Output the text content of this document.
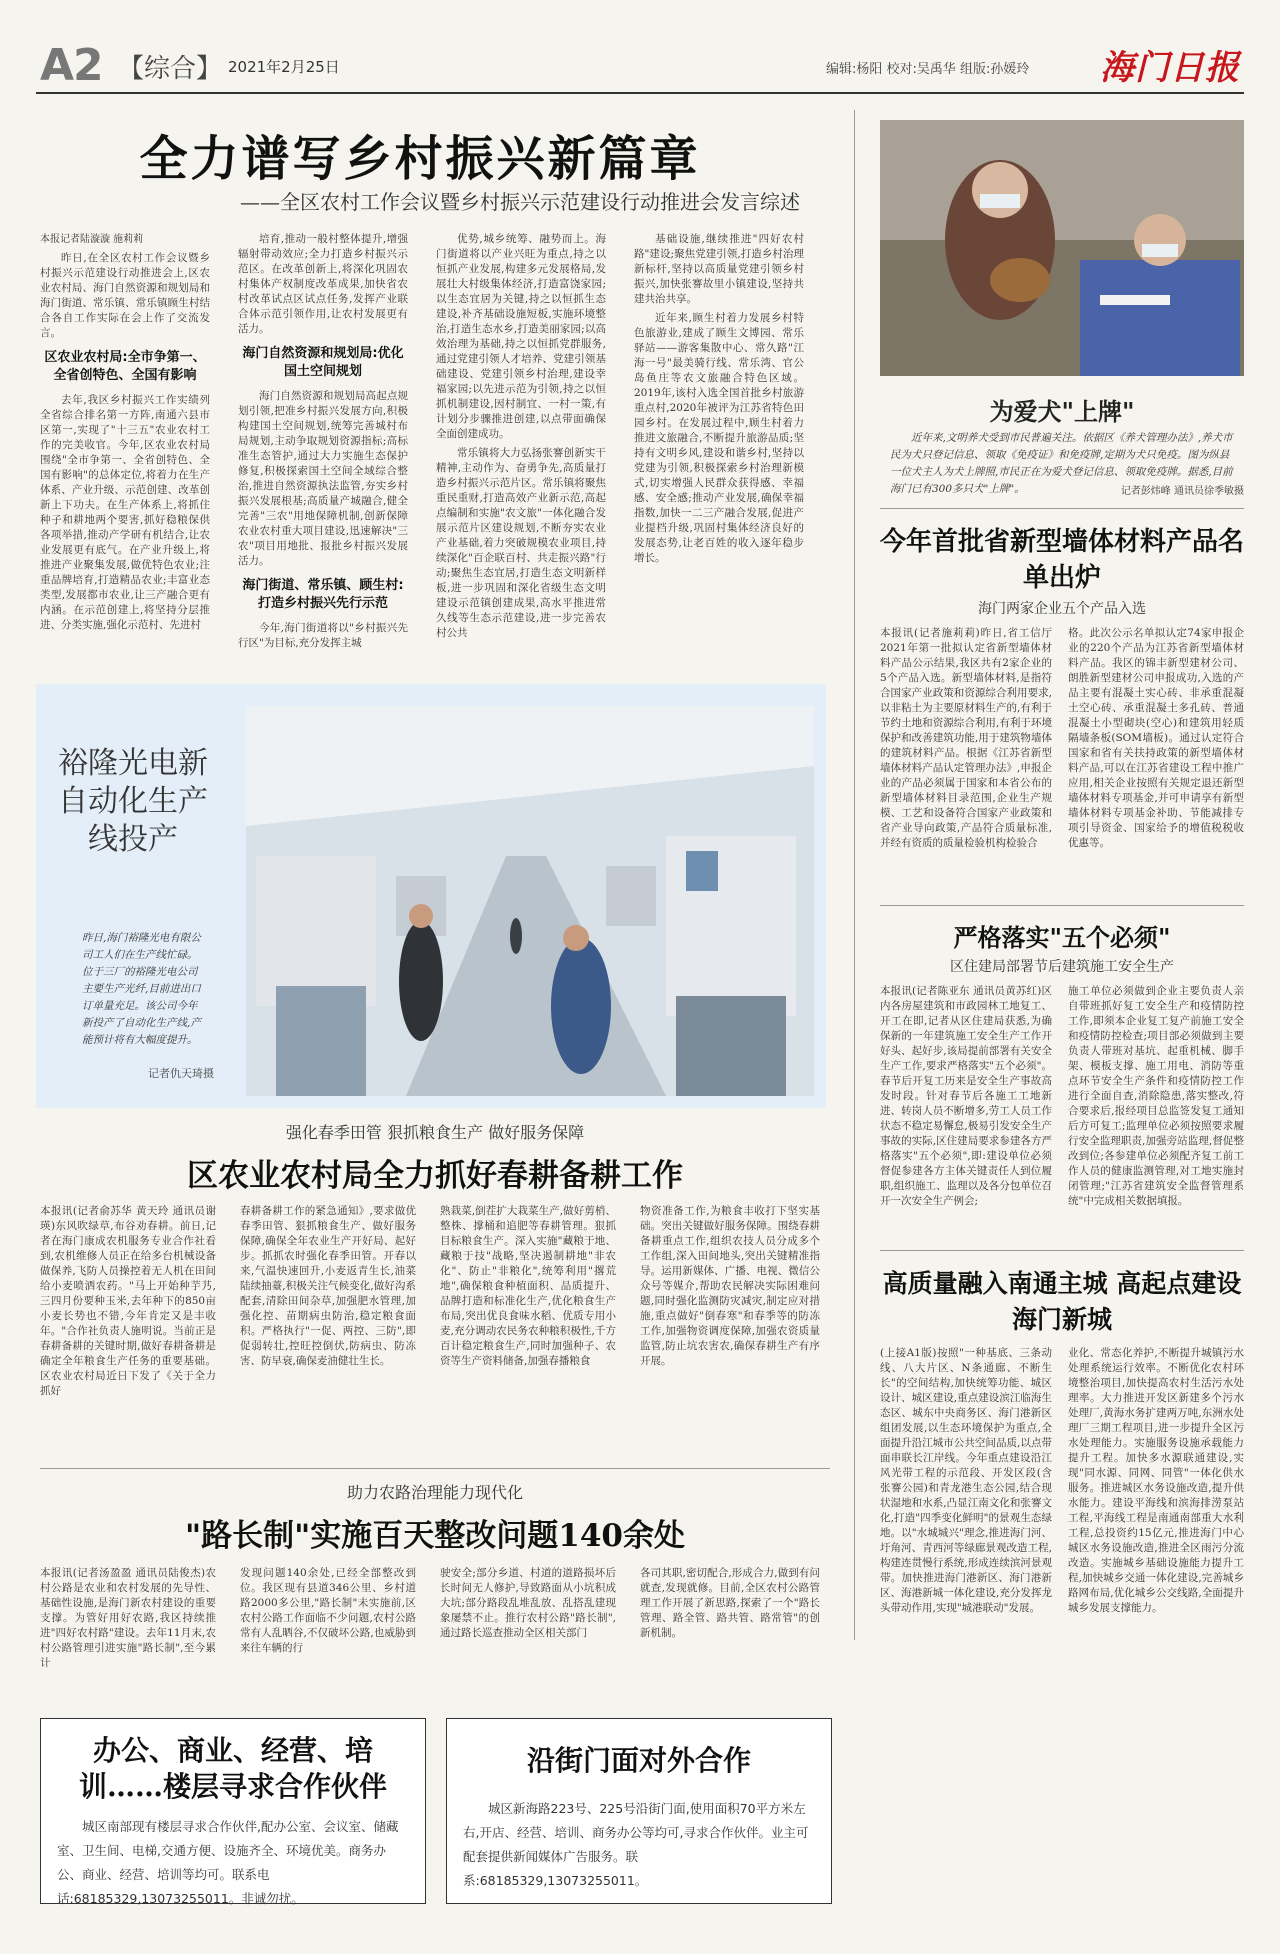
A2 【综合】 2021年2月25日	编辑:杨阳 校对:吴禹华 组版:孙媛玲 海门日报
全力谱写乡村振兴新篇章
——全区农村工作会议暨乡村振兴示范建设行动推进会发言综述

本报记者陆漩漩 施莉莉

昨日,在全区农村工作会议暨乡村振兴示范建设行动推进会上,区农业农村局、海门自然资源和规划局和海门街道、常乐镇、常乐镇顾生村结合各自工作实际在会上作了交流发言。

区农业农村局:全市争第一、全省创特色、全国有影响

去年,我区乡村振兴工作实绩列全省综合排名第一方阵,南通六县市区第一,实现了"十三五"农业农村工作的完美收官。今年,区农业农村局围绕"全市争第一、全省创特色、全国有影响"的总体定位,将着力在生产体系、产业升级、示范创建、改革创新上下功夫。在生产体系上,将抓住种子和耕地两个要害,抓好稳粮保供各项举措,推动产学研有机结合,让农业发展更有底气。在产业升级上,将推进产业聚集发展,做优特色农业;注重品牌培育,打造精品农业;丰富业态类型,发展都市农业,让三产融合更有内涵。在示范创建上,将坚持分层推进、分类实施,强化示范村、先进村

培育,推动一般村整体提升,增强辐射带动效应;全力打造乡村振兴示范区。在改革创新上,将深化巩固农村集体产权制度改革成果,加快省农村改革试点区试点任务,发挥产业联合体示范引领作用,让农村发展更有活力。

海门自然资源和规划局:优化国土空间规划

海门自然资源和规划局高起点规划引领,把准乡村振兴发展方向,积极构建国土空间规划,统筹完善城村布局规划,主动争取规划资源指标;高标准生态管护,通过大力实施生态保护修复,积极探索国土空间全域综合整治,推进自然资源执法监管,夯实乡村振兴发展根基;高质量产城融合,健全完善"三农"用地保障机制,创新保障农业农村重大项目建设,迅速解决"三农"项目用地批、报批乡村振兴发展活力。

海门街道、常乐镇、顾生村:打造乡村振兴先行示范

今年,海门街道将以"乡村振兴先行区"为目标,充分发挥主城

优势,城乡统筹、融势而上。海门街道将以产业兴旺为重点,持之以恒抓产业发展,构建多元发展格局,发展壮大村级集体经济,打造富饶家园;以生态宜居为关键,持之以恒抓生态建设,补齐基础设施短板,实施环境整治,打造生态水乡,打造美丽家园;以高效治理为基础,持之以恒抓党群服务,通过党建引领人才培养、党建引领基础建设、党建引领乡村治理,建设幸福家园;以先进示范为引领,持之以恒抓机制建设,因村制宜、一村一策,有计划分步骤推进创建,以点带面确保全面创建成功。

常乐镇将大力弘扬张謇创新实干精神,主动作为、奋勇争先,高质量打造乡村振兴示范片区。常乐镇将聚焦重民重财,打造高效产业新示范,高起点编制和实施"农文旅"一体化融合发展示范片区建设规划,不断夯实农业产业基础,着力突破规模农业项目,持续深化"百企联百村、共走振兴路"行动;聚焦生态宜居,打造生态文明新样板,进一步巩固和深化省级生态文明建设示范镇创建成果,高水平推进常久线等生态示范建设,进一步完善农村公共

基础设施,继续推进"四好农村路"建设;聚焦党建引领,打造乡村治理新标杆,坚持以高质量党建引领乡村振兴,加快张謇故里小镇建设,坚持共建共治共享。

近年来,顾生村着力发展乡村特色旅游业,建成了顾生文博园、常乐驿站——游客集散中心、常久路"江海一号"最美骑行线、常乐湾、官公岛鱼庄等农文旅融合特色区域。2019年,该村入选全国首批乡村旅游重点村,2020年被评为江苏省特色田园乡村。在发展过程中,顾生村着力推进文旅融合,不断提升旅游品质;坚持有文明乡风,建设和谐乡村,坚持以党建为引领,积极探索乡村治理新模式,切实增强人民群众获得感、幸福感、安全感;推动产业发展,确保幸福指数,加快一二三产融合发展,促进产业提档升级,巩固村集体经济良好的发展态势,让老百姓的收入逐年稳步增长。

为爱犬"上牌"
近年来,文明养犬受到市民普遍关注。依据区《养犬管理办法》,养犬市民为犬只登记信息、领取《免疫证》和免疫牌,定期为犬只免疫。图为纵县一位犬主人为犬上牌照,市民正在为爱犬登记信息、领取免疫牌。据悉,目前海门已有300多只犬"上牌"。	记者彭炜峰 通讯员徐季敏摄
今年首批省新型墙体材料产品名单出炉
海门两家企业五个产品入选
本报讯(记者施莉莉)昨日,省工信厅2021年第一批拟认定省新型墙体材料产品公示结果,我区共有2家企业的5个产品入选。新型墙体材料,是指符合国家产业政策和资源综合利用要求,以非粘土为主要原材料生产的,有利于节约土地和资源综合利用,有利于环境保护和改善建筑功能,用于建筑物墙体的建筑材料产品。根据《江苏省新型墙体材料产品认定管理办法》,申报企业的产品必须属于国家和本省公布的新型墙体材料目录范围,企业生产规模、工艺和设备符合国家产业政策和省产业导向政策,产品符合质量标准,并经有资质的质量检验机构检验合
格。此次公示名单拟认定74家申报企业的220个产品为江苏省新型墙体材料产品。我区的锦丰新型建材公司、朗胜新型建材公司申报成功,入选的产品主要有混凝土实心砖、非承重混凝土空心砖、承重混凝土多孔砖、普通混凝土小型砌块(空心)和建筑用轻质隔墙条板(SOM墙板)。通过认定符合国家和省有关扶持政策的新型墙体材料产品,可以在江苏省建设工程中推广应用,相关企业按照有关规定退还新型墙体材料专项基金,并可申请享有新型墙体材料专项基金补助、节能减排专项引导资金、国家给予的增值税税收优惠等。
严格落实"五个必须"
区住建局部署节后建筑施工安全生产
本报讯(记者陈亚东 通讯员黄苏红)区内各房屋建筑和市政园林工地复工、开工在即,记者从区住建局获悉,为确保新的一年建筑施工安全生产工作开好头、起好步,该局提前部署有关安全生产工作,要求严格落实"五个必须"。春节后开复工历来是安全生产事故高发时段。针对春节后各施工工地新进、转岗人员不断增多,劳工人员工作状态不稳定易懈怠,极易引发安全生产事故的实际,区住建局要求参建各方严格落实"五个必须",即:建设单位必须督促参建各方主体关键责任人到位履职,组织施工、监理以及各分包单位召开一次安全生产例会;
施工单位必须做到企业主要负责人亲自带班抓好复工安全生产和疫情防控工作,即须本企业复工复产前施工安全和疫情防控检查;项目部必须做到主要负责人带班对基坑、起重机械、脚手架、模板支撑、施工用电、消防等重点环节安全生产条件和疫情防控工作进行全面自查,消除隐患,落实整改,符合要求后,报经项目总监签发复工通知后方可复工;监理单位必须按照要求履行安全监理职责,加强旁站监理,督促整改到位;各参建单位必须配齐复工前工作人员的健康监测管理,对工地实施封闭管理;"江苏省建筑安全监督管理系统"中完成相关数据填报。
高质量融入南通主城 高起点建设海门新城
(上接A1版)按照"一种基底、三条动线、八大片区、N条通廊、不断生长"的空间结构,加快统筹功能、城区设计、城区建设,重点建设滨江临海生态区、城东中央商务区、海门港新区组团发展,以生态环境保护为重点,全面提升沿江城市公共空间品质,以点带面串联长江岸线。今年重点建设沿江风光带工程的示范段、开发区段(含张謇公园)和青龙港生态公园,结合现状湿地和水系,凸显江南文化和张謇文化,打造"四季变化鲜明"的景观生态绿地。以"水城城兴"理念,推进海门河、圩角河、青西河等绿廊景观改造工程,构建连贯慢行系统,形成连续滨河景观带。加快推进海门港新区、海门港新区、海港新城一体化建设,充分发挥龙头带动作用,实现"城港联动"发展。
业化、常态化养护,不断提升城镇污水处理系统运行效率。不断优化农村环境整治项目,加快提高农村生活污水处理率。大力推进开发区新建多个污水处理厂,黄海水务扩建两万吨,东洲水处理厂三期工程项目,进一步提升全区污水处理能力。实施服务设施承载能力提升工程。加快多水源联通建设,实现"同水源、同网、同管"一体化供水服务。推进城区水务设施改造,提升供水能力。建设平海线和滨海排涝泵站工程,平海线工程是南通南部重大水利工程,总投资约15亿元,推进海门中心城区水务设施改造,推进全区雨污分流改造。实施城乡基础设施能力提升工程,加快城乡交通一体化建设,完善城乡路网布局,优化城乡公交线路,全面提升城乡发展支撑能力。
裕隆光电新自动化生产线投产
昨日,海门裕隆光电有限公司工人们在生产线忙碌。位于三厂的裕隆光电公司主要生产光纤,目前进出口订单量充足。该公司今年新投产了自动化生产线,产能预计将有大幅度提升。
记者仇天琦摄
强化春季田管 狠抓粮食生产 做好服务保障
区农业农村局全力抓好春耕备耕工作
本报讯(记者俞苏华 黄天玲 通讯员谢瑛)东风吹绿草,布谷劝春耕。前日,记者在海门康成农机服务专业合作社看到,农机维修人员正在给多台机械设备做保养,飞防人员操控着无人机在田间给小麦喷洒农药。"马上开始种芋艿,三四月份要种玉米,去年种下的850亩小麦长势也不错,今年肯定又是丰收年。"合作社负责人施明说。当前正是春耕备耕的关键时期,做好春耕备耕是确定全年粮食生产任务的重要基础。区农业农村局近日下发了《关于全力抓好
春耕备耕工作的紧急通知》,要求做优春季田管、狠抓粮食生产、做好服务保障,确保全年农业生产开好局、起好步。抓抓农时强化春季田管。开春以来,气温快速回升,小麦返青生长,油菜陆续抽薹,积极关注气候变化,做好沟系配套,清除田间杂草,加强肥水管理,加强化控、苗期病虫防治,稳定粮食面积。严格执行"一促、两控、三防",即促弱转壮,控旺控倒伏,防病虫、防冻害、防早衰,确保麦油健壮生长。
熟栽菜,倒茬扩大栽菜生产,做好剪梢、整株、撑桶和追肥等春耕管理。狠抓目标粮食生产。深入实施"藏粮于地、藏粮于技"战略,坚决遏制耕地"非农化"、防止"非粮化",统筹利用"撂荒地",确保粮食种植面积、品质提升、品牌打造和标准化生产,优化粮食生产布局,突出优良食味水稻、优质专用小麦,充分调动农民务农种粮积极性,千方百计稳定粮食生产,同时加强种子、农资等生产资料储备,加强春播粮食
物资准备工作,为粮食丰收打下坚实基础。突出关键做好服务保障。围绕春耕备耕重点工作,组织农技人员分成多个工作组,深入田间地头,突出关键精准指导。运用新媒体、广播、电视、微信公众号等媒介,帮助农民解决实际困难问题,同时强化监测防灾减灾,制定应对措施,重点做好"倒春寒"和春季等的防冻工作,加强物资调度保障,加强农资质量监管,防止坑农害农,确保春耕生产有序开展。
助力农路治理能力现代化
"路长制"实施百天整改问题140余处
本报讯(记者汤盈盈 通讯员陆俊杰)农村公路是农业和农村发展的先导性、基础性设施,是海门新农村建设的重要支撑。为管好用好农路,我区持续推进"四好农村路"建设。去年11月末,农村公路管理引进实施"路长制",至今累计
发现问题140余处,已经全部整改到位。我区现有县道346公里、乡村道路2000多公里,"路长制"未实施前,区农村公路工作面临不少问题,农村公路常有人乱晒谷,不仅破坏公路,也威胁到来往车辆的行
驶安全;部分乡道、村道的道路损坏后长时间无人修护,导致路面从小坑积成大坑;部分路段乱堆乱放、乱搭乱建现象屡禁不止。推行农村公路"路长制",通过路长巡查推动全区相关部门
各司其职,密切配合,形成合力,做到有问就查,发现就修。目前,全区农村公路管理工作开展了新思路,探索了一个"路长管理、路全管、路共管、路常管"的创新机制。
办公、商业、经营、培训……楼层寻求合作伙伴
城区南部现有楼层寻求合作伙伴,配办公室、会议室、储藏室、卫生间、电梯,交通方便、设施齐全、环境优美。商务办公、商业、经营、培训等均可。联系电话:68185329,13073255011。非诚勿扰。
沿街门面对外合作
城区新海路223号、225号沿街门面,使用面积70平方米左右,开店、经营、培训、商务办公等均可,寻求合作伙伴。业主可配套提供新闻媒体广告服务。联系:68185329,13073255011。
